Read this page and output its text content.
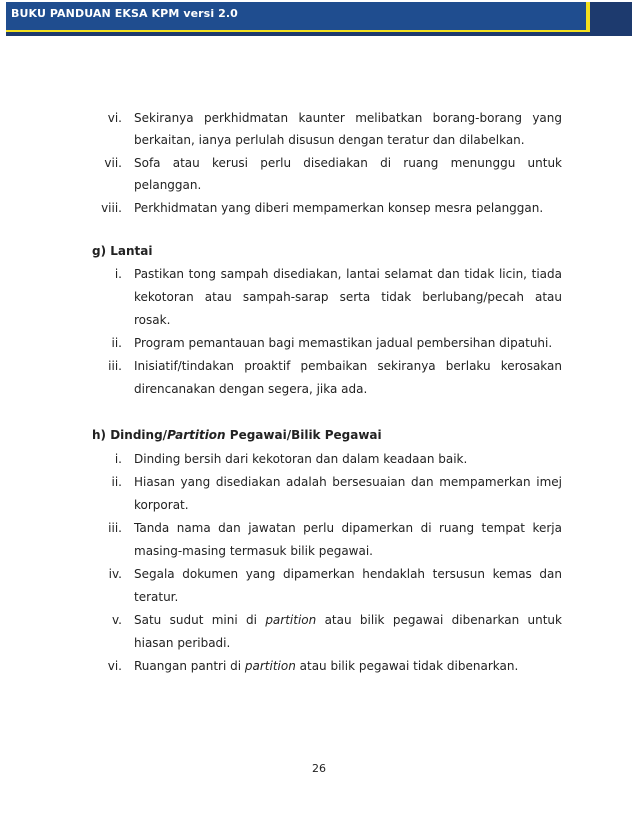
BUKU PANDUAN EKSA KPM versi 2.0
vi. Sekiranya perkhidmatan kaunter melibatkan borang-borang yang
berkaitan, ianya perlulah disusun dengan teratur dan dilabelkan.
vii. Sofa atau kerusi perlu disediakan di ruang menunggu untuk
pelanggan.
viii. Perkhidmatan yang diberi mempamerkan konsep mesra pelanggan.
g) Lantai
i. Pastikan tong sampah disediakan, lantai selamat dan tidak licin, tiada
kekotoran atau sampah-sarap serta tidak berlubang/pecah atau
rosak.
ii. Program pemantauan bagi memastikan jadual pembersihan dipatuhi.
iii. Inisiatif/tindakan proaktif pembaikan sekiranya berlaku kerosakan
direncanakan dengan segera, jika ada.
h) Dinding/Partition Pegawai/Bilik Pegawai
i. Dinding bersih dari kekotoran dan dalam keadaan baik.
ii. Hiasan yang disediakan adalah bersesuaian dan mempamerkan imej
korporat.
iii. Tanda nama dan jawatan perlu dipamerkan di ruang tempat kerja
masing-masing termasuk bilik pegawai.
iv. Segala dokumen yang dipamerkan hendaklah tersusun kemas dan
teratur.
v. Satu sudut mini di partition atau bilik pegawai dibenarkan untuk
hiasan peribadi.
vi. Ruangan pantri di partition atau bilik pegawai tidak dibenarkan.
26
